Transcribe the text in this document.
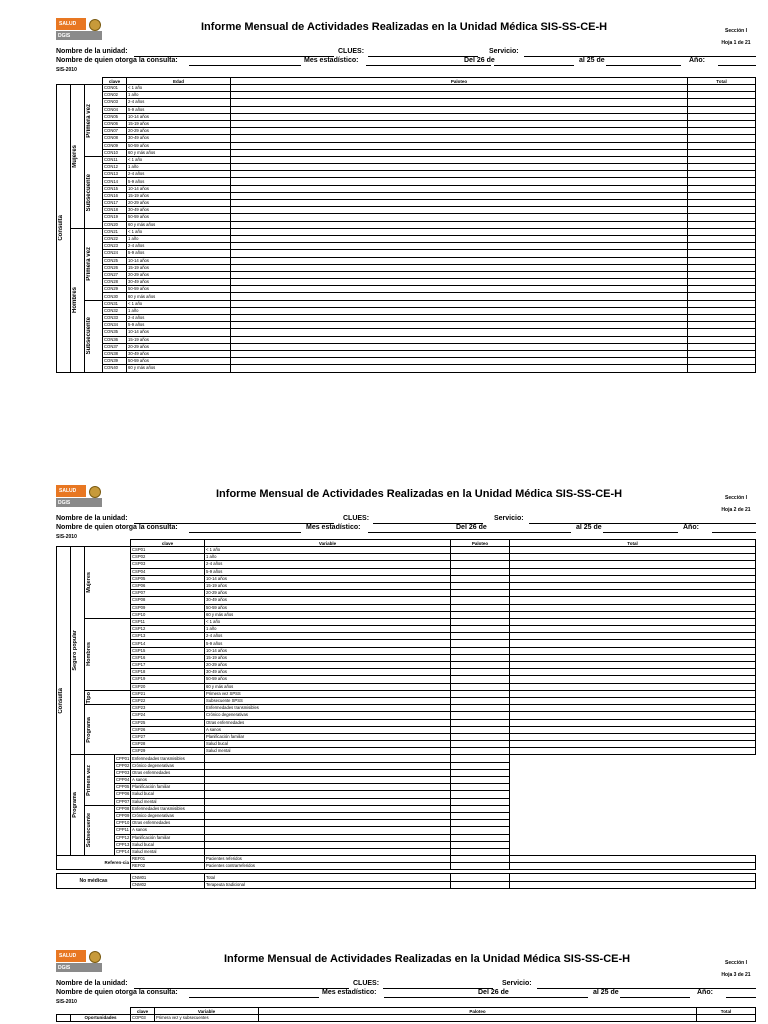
SALUD
DGIS
Informe Mensual de Actividades Realizadas en la Unidad Médica SIS-SS-CE-H	Sección I
Hoja 1 de 21
Nombre de la unidad:	CLUES:	Servicio:
Nombre de quien otorga la consulta:	Mes estadístico:	Del 26 de	al 25 de	Año:
SIS-2010
			clave	Edad	Paloteo	Total

Consulta	Mujeres	Primera vez	CON01	< 1 año		
			CON02	1 año		
			CON03	2-4 años		
			CON04	5-9 años		
			CON05	10-14 años		
			CON06	15-19 años		
			CON07	20-29 años		
			CON08	30-49 años		
			CON09	50-59 años		
			CON10	60 y más años		

		Subsecuente	CON11	< 1 año		
			CON12	1 año		
			CON13	2-4 años		
			CON14	5-9 años		
			CON15	10-14 años		
			CON16	15-19 años		
			CON17	20-29 años		
			CON18	30-49 años		
			CON19	50-59 años		
			CON20	60 y más años		

	Hombres	Primera vez	CON21	< 1 año		
			CON22	1 año		
			CON23	2-4 años		
			CON24	5-9 años		
			CON25	10-14 años		
			CON26	15-19 años		
			CON27	20-29 años		
			CON28	30-49 años		
			CON29	50-59 años		
			CON30	60 y más años		

		Subsecuente	CON31	< 1 año		
			CON32	1 año		
			CON33	2-4 años		
			CON34	5-9 años		
			CON35	10-14 años		
			CON36	15-19 años		
			CON37	20-29 años		
			CON38	30-49 años		
			CON39	50-59 años		
			CON40	60 y más años		
SALUD
DGIS
Informe Mensual de Actividades Realizadas en la Unidad Médica SIS-SS-CE-H	Sección I
Hoja 2 de 21
Nombre de la unidad:	CLUES:	Servicio:
Nombre de quien otorga la consulta:	Mes estadístico:	Del 26 de	al 25 de	Año:
SIS-2010
				clave	Variable	Paloteo	Total

Consulta	Seguro popular	Mujeres		CSP01	< 1 año		
				CSP02	1 año		
				CSP03	2-4 años		
				CSP04	5-9 años		
				CSP05	10-14 años		
				CSP06	15-19 años		
				CSP07	20-29 años		
				CSP08	30-49 años		
				CSP09	50-59 años		
				CSP10	60 y más años		

		Hombres		CSP11	< 1 año		
				CSP12	1 año		
				CSP13	2-4 años		
				CSP14	5-9 años		
				CSP15	10-14 años		
				CSP16	15-19 años		
				CSP17	20-29 años		
				CSP18	30-49 años		
				CSP19	50-59 años		
				CSP20	60 y más años		

		Tipo		CSP21	Primera vez SPSS		
				CSP22	Subsecuente SPSS		

		Programa		CSP23	Enfermedades transmisibles		
				CSP24	Crónico degenerativas		
				CSP25	Otras enfermedades		
				CSP26	A sanos		
				CSP27	Planificación familiar		
				CSP28	Salud bucal		
				CSP29	Salud mental		

	Programa	Primera vez	CPP01	Enfermedades transmisibles			
			CPP02	Crónico degenerativas			
			CPP03	Otras enfermedades			
			CPP04	A sanos			
			CPP05	Planificación familiar			
			CPP06	Salud bucal			
			CPP07	Salud mental			

		Subsecuente	CPP08	Enfermedades transmisibles			
			CPP09	Crónico degenerativas			
			CPP10	Otras enfermedades			
			CPP11	A sanos			
			CPP12	Planificación familiar			
			CPP13	Salud bucal			
			CPP14	Salud mental			
Referen-cia				REF01	Pacientes referidos		
				REF02	Pacientes contrarreferidos		

No médicas				CNM01	Total		
				CNM02	Terapeuta tradicional		
SALUD
DGIS
Informe Mensual de Actividades Realizadas en la Unidad Médica SIS-SS-CE-H	Sección I
Hoja 3 de 21
Nombre de la unidad:	CLUES:	Servicio:
Nombre de quien otorga la consulta:	Mes estadístico:	Del 26 de	al 25 de	Año:
SIS-2010
		clave	Variable	Paloteo	Total
	Oportunidades	COP03	Primera vez y subsecuentes		
